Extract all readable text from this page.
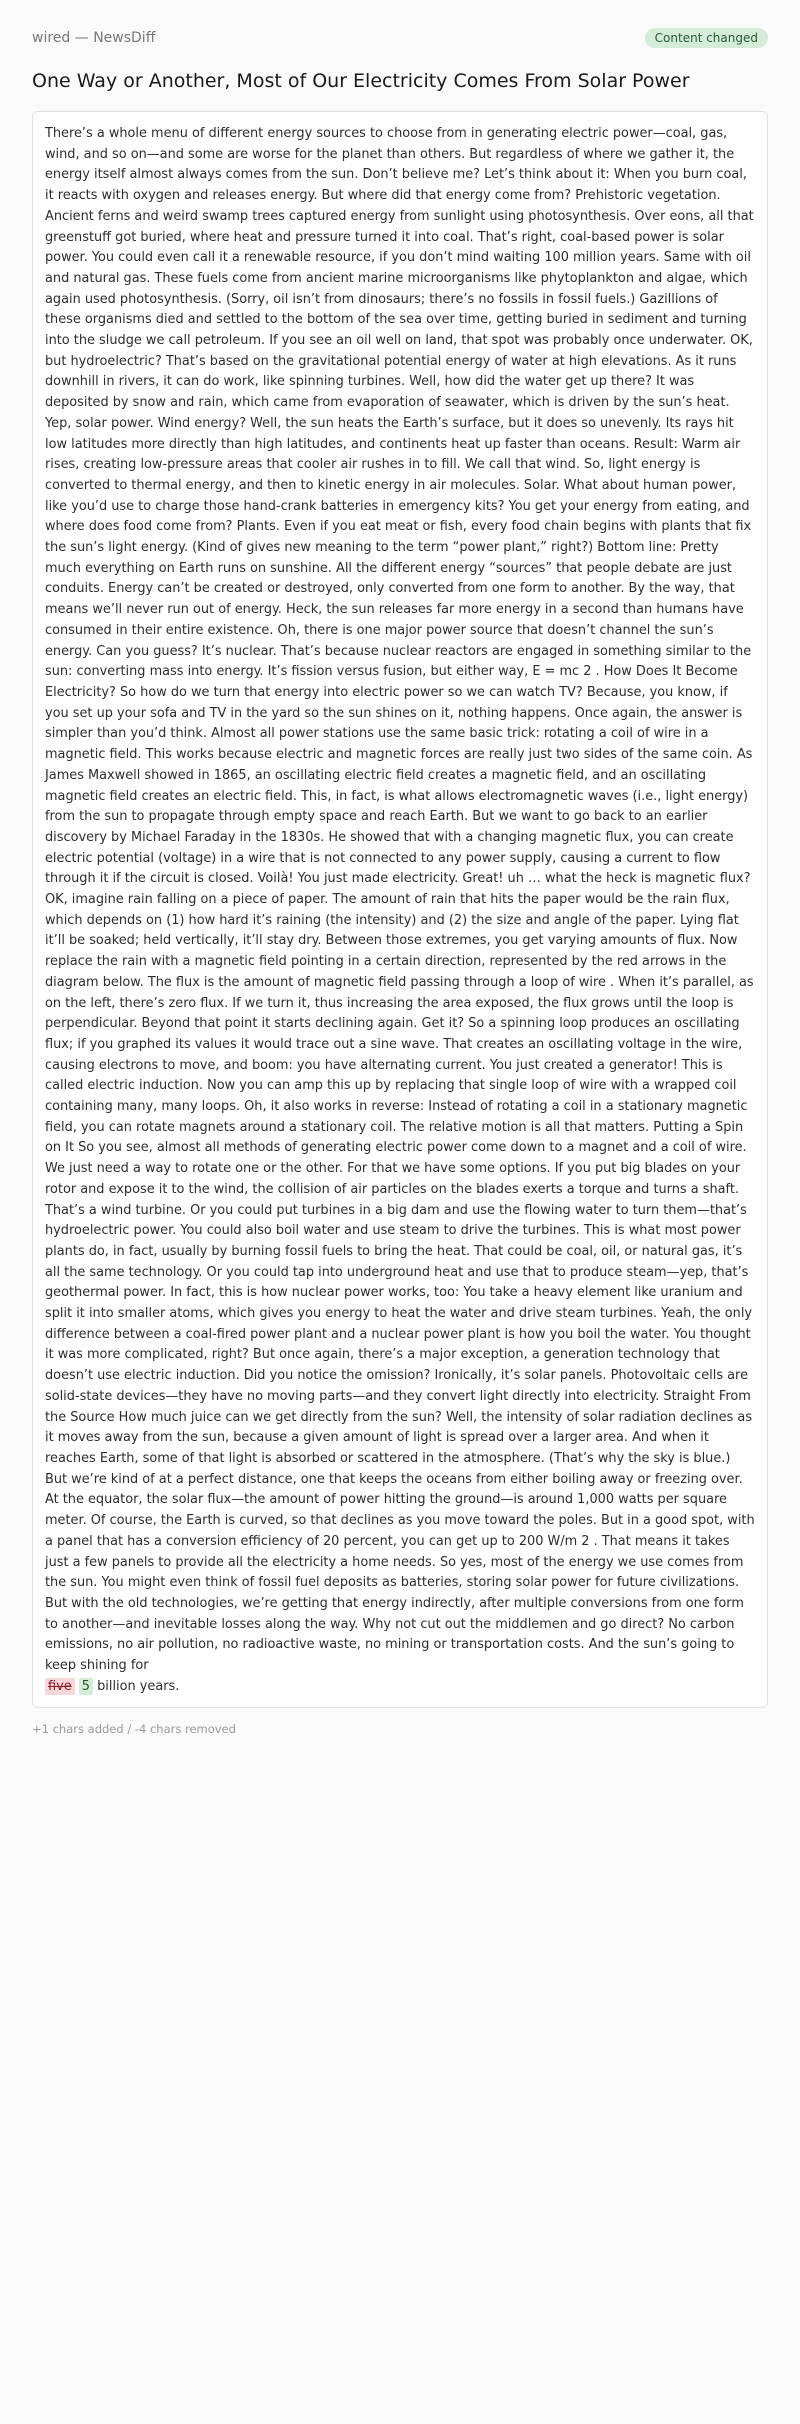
wired — NewsDiff	Content changed
One Way or Another, Most of Our Electricity Comes From Solar Power

There’s a whole menu of different energy sources to choose from in generating electric power—coal, gas, wind, and so on—and some are worse for the planet than others. But regardless of where we gather it, the energy itself almost always comes from the sun. Don’t believe me? Let’s think about it: When you burn coal, it reacts with oxygen and releases energy. But where did that energy come from? Prehistoric vegetation. Ancient ferns and weird swamp trees captured energy from sunlight using photosynthesis. Over eons, all that greenstuff got buried, where heat and pressure turned it into coal. That’s right, coal-based power is solar power. You could even call it a renewable resource, if you don’t mind waiting 100 million years. Same with oil and natural gas. These fuels come from ancient marine microorganisms like phytoplankton and algae, which again used photosynthesis. (Sorry, oil isn’t from dinosaurs; there’s no fossils in fossil fuels.) Gazillions of these organisms died and settled to the bottom of the sea over time, getting buried in sediment and turning into the sludge we call petroleum. If you see an oil well on land, that spot was probably once underwater. OK, but hydroelectric? That’s based on the gravitational potential energy of water at high elevations. As it runs downhill in rivers, it can do work, like spinning turbines. Well, how did the water get up there? It was deposited by snow and rain, which came from evaporation of seawater, which is driven by the sun’s heat. Yep, solar power. Wind energy? Well, the sun heats the Earth’s surface, but it does so unevenly. Its rays hit low latitudes more directly than high latitudes, and continents heat up faster than oceans. Result: Warm air rises, creating low-pressure areas that cooler air rushes in to fill. We call that wind. So, light energy is converted to thermal energy, and then to kinetic energy in air molecules. Solar. What about human power, like you’d use to charge those hand-crank batteries in emergency kits? You get your energy from eating, and where does food come from? Plants. Even if you eat meat or fish, every food chain begins with plants that fix the sun’s light energy. (Kind of gives new meaning to the term “power plant,” right?) Bottom line: Pretty much everything on Earth runs on sunshine. All the different energy “sources” that people debate are just conduits. Energy can’t be created or destroyed, only converted from one form to another. By the way, that means we’ll never run out of energy. Heck, the sun releases far more energy in a second than humans have consumed in their entire existence. Oh, there is one major power source that doesn’t channel the sun’s energy. Can you guess? It’s nuclear. That’s because nuclear reactors are engaged in something similar to the sun: converting mass into energy. It’s fission versus fusion, but either way, E = mc 2 . How Does It Become Electricity? So how do we turn that energy into electric power so we can watch TV? Because, you know, if you set up your sofa and TV in the yard so the sun shines on it, nothing happens. Once again, the answer is simpler than you’d think. Almost all power stations use the same basic trick: rotating a coil of wire in a magnetic field. This works because electric and magnetic forces are really just two sides of the same coin. As James Maxwell showed in 1865, an oscillating electric field creates a magnetic field, and an oscillating magnetic field creates an electric field. This, in fact, is what allows electromagnetic waves (i.e., light energy) from the sun to propagate through empty space and reach Earth. But we want to go back to an earlier discovery by Michael Faraday in the 1830s. He showed that with a changing magnetic flux, you can create electric potential (voltage) in a wire that is not connected to any power supply, causing a current to flow through it if the circuit is closed. Voilà! You just made electricity. Great! uh … what the heck is magnetic flux? OK, imagine rain falling on a piece of paper. The amount of rain that hits the paper would be the rain flux, which depends on (1) how hard it’s raining (the intensity) and (2) the size and angle of the paper. Lying flat it’ll be soaked; held vertically, it’ll stay dry. Between those extremes, you get varying amounts of flux. Now replace the rain with a magnetic field pointing in a certain direction, represented by the red arrows in the diagram below. The flux is the amount of magnetic field passing through a loop of wire . When it’s parallel, as on the left, there’s zero flux. If we turn it, thus increasing the area exposed, the flux grows until the loop is perpendicular. Beyond that point it starts declining again. Get it? So a spinning loop produces an oscillating flux; if you graphed its values it would trace out a sine wave. That creates an oscillating voltage in the wire, causing electrons to move, and boom: you have alternating current. You just created a generator! This is called electric induction. Now you can amp this up by replacing that single loop of wire with a wrapped coil containing many, many loops. Oh, it also works in reverse: Instead of rotating a coil in a stationary magnetic field, you can rotate magnets around a stationary coil. The relative motion is all that matters. Putting a Spin on It So you see, almost all methods of generating electric power come down to a magnet and a coil of wire. We just need a way to rotate one or the other. For that we have some options. If you put big blades on your rotor and expose it to the wind, the collision of air particles on the blades exerts a torque and turns a shaft. That’s a wind turbine. Or you could put turbines in a big dam and use the flowing water to turn them—that’s hydroelectric power. You could also boil water and use steam to drive the turbines. This is what most power plants do, in fact, usually by burning fossil fuels to bring the heat. That could be coal, oil, or natural gas, it’s all the same technology. Or you could tap into underground heat and use that to produce steam—yep, that’s geothermal power. In fact, this is how nuclear power works, too: You take a heavy element like uranium and split it into smaller atoms, which gives you energy to heat the water and drive steam turbines. Yeah, the only difference between a coal-fired power plant and a nuclear power plant is how you boil the water. You thought it was more complicated, right? But once again, there’s a major exception, a generation technology that doesn’t use electric induction. Did you notice the omission? Ironically, it’s solar panels. Photovoltaic cells are solid-state devices—they have no moving parts—and they convert light directly into electricity. Straight From the Source How much juice can we get directly from the sun? Well, the intensity of solar radiation declines as it moves away from the sun, because a given amount of light is spread over a larger area. And when it reaches Earth, some of that light is absorbed or scattered in the atmosphere. (That’s why the sky is blue.) But we’re kind of at a perfect distance, one that keeps the oceans from either boiling away or freezing over. At the equator, the solar flux—the amount of power hitting the ground—is around 1,000 watts per square meter. Of course, the Earth is curved, so that declines as you move toward the poles. But in a good spot, with a panel that has a conversion efficiency of 20 percent, you can get up to 200 W/m 2 . That means it takes just a few panels to provide all the electricity a home needs. So yes, most of the energy we use comes from the sun. You might even think of fossil fuel deposits as batteries, storing solar power for future civilizations. But with the old technologies, we’re getting that energy indirectly, after multiple conversions from one form to another—and inevitable losses along the way. Why not cut out the middlemen and go direct? No carbon emissions, no air pollution, no radioactive waste, no mining or transportation costs. And the sun’s going to keep shining for

five 5 billion years.

+1 chars added / -4 chars removed
